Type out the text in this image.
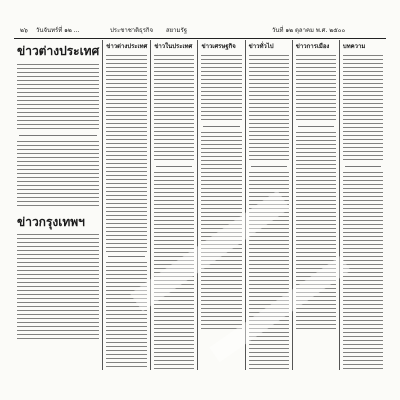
๒๖ วันจันทร์ที่ ๑๒ ...	ประชาชาติธุรกิจ สยามรัฐ	วันที่ ๑๒ ตุลาคม พ.ศ. ๒๕๐๐
ข่าวต่างประเทศ
ข่าวกรุงเทพฯ
ข่าวต่างประเทศ ข่าวในประเทศ	ข่าวเศรษฐกิจ	ข่าวทั่วไป	ข่าวการเมือง	บทความ
